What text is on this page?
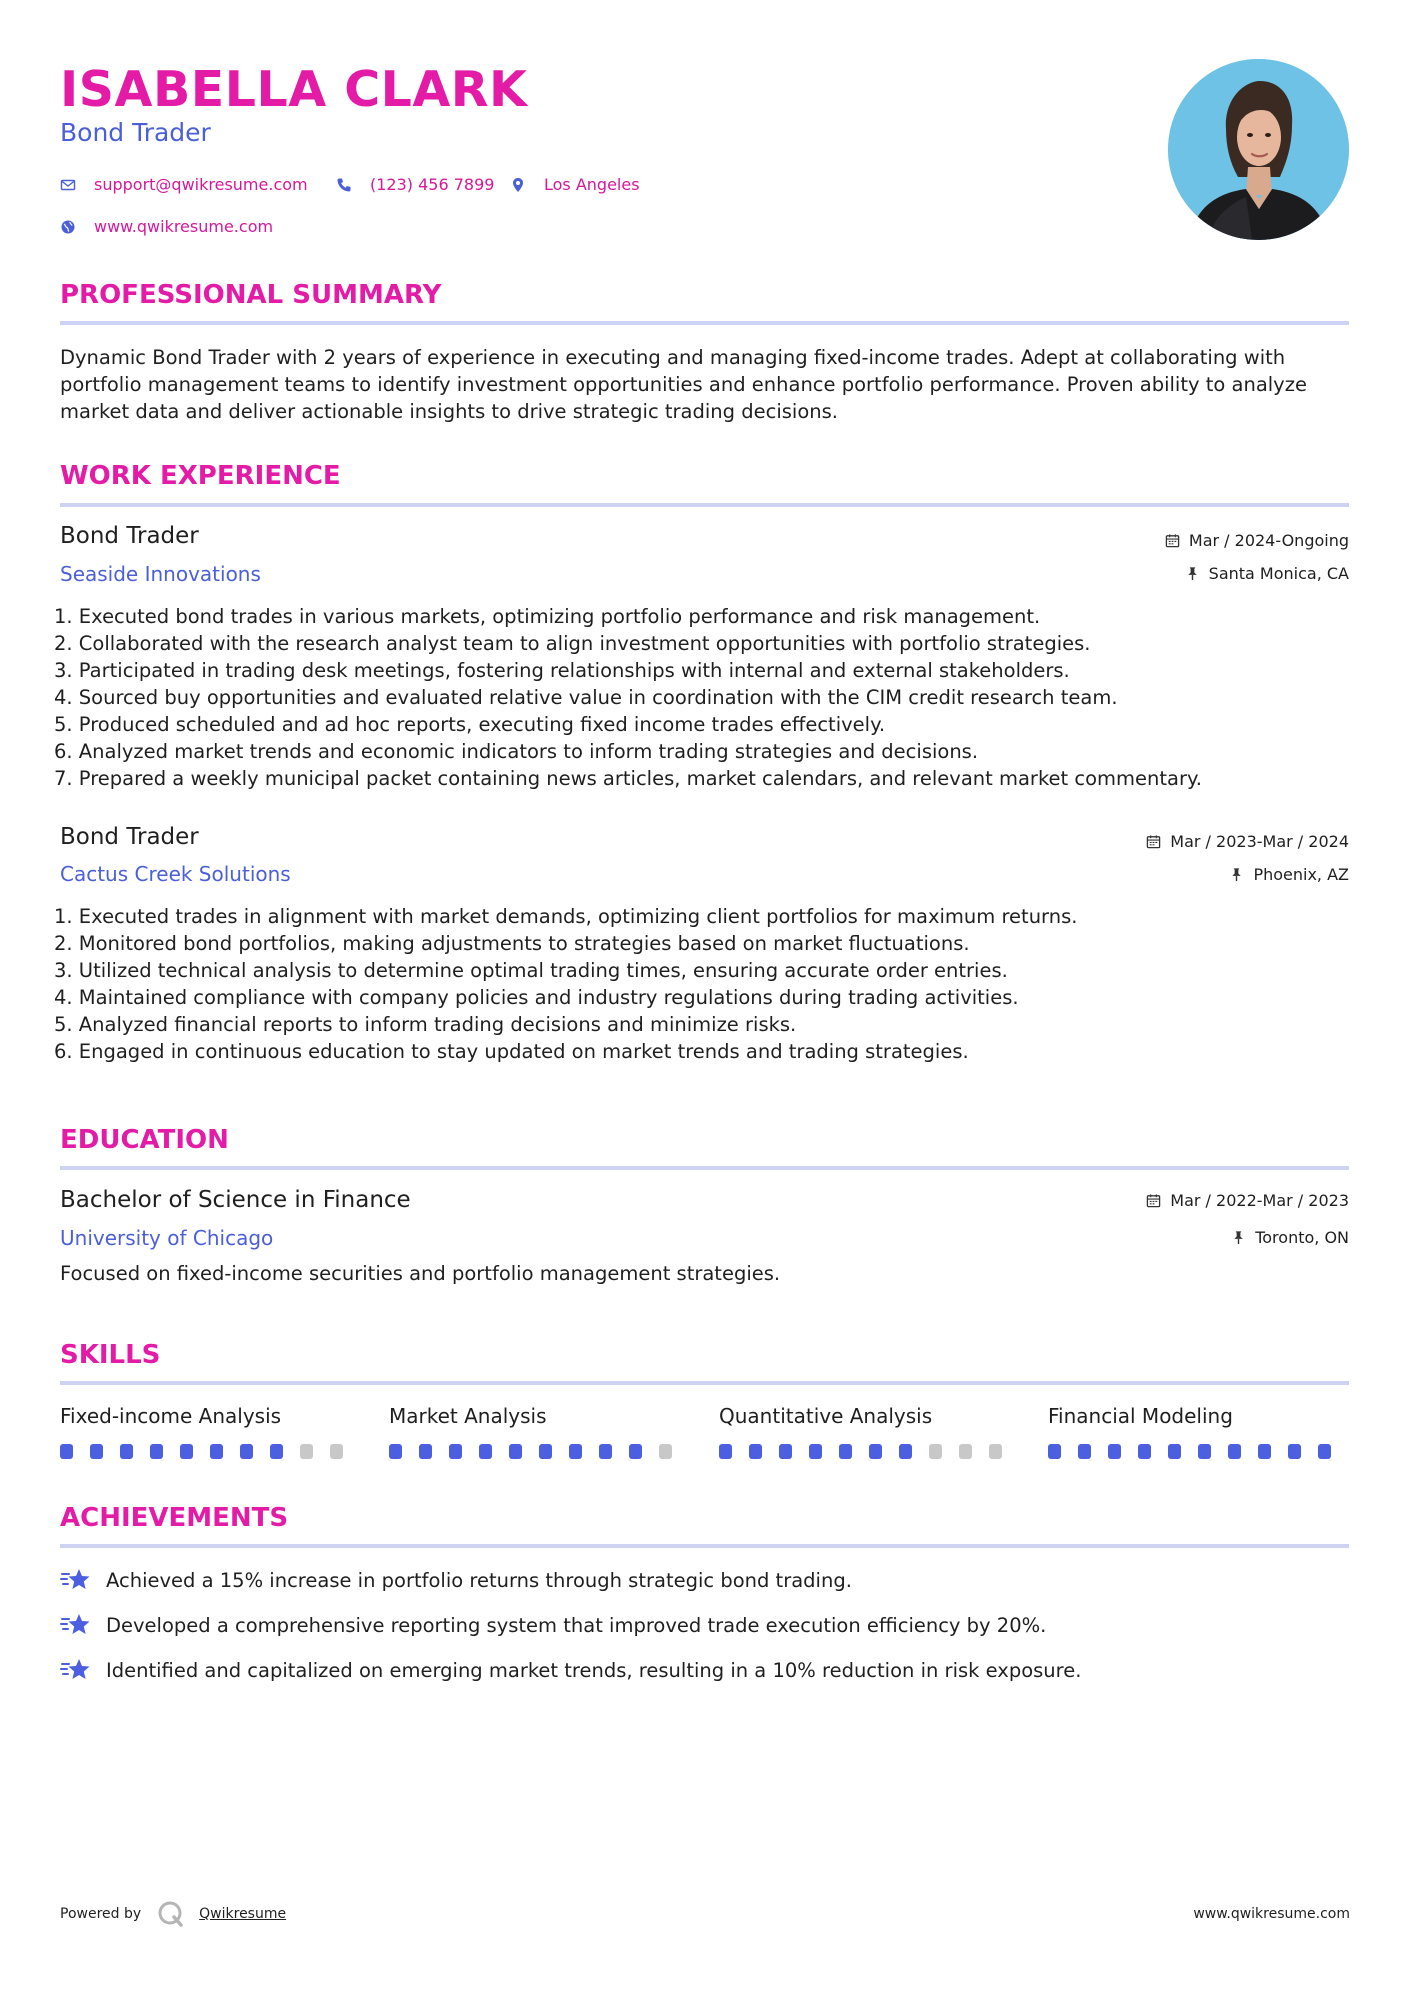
ISABELLA CLARK
Bond Trader
support@qwikresume.com	(123) 456 7899	Los Angeles
www.qwikresume.com
PROFESSIONAL SUMMARY

Dynamic Bond Trader with 2 years of experience in executing and managing fixed-income trades. Adept at collaborating with portfolio management teams to identify investment opportunities and enhance portfolio performance. Proven ability to analyze market data and deliver actionable insights to drive strategic trading decisions.

WORK EXPERIENCE
Bond Trader
Seaside Innovations
Mar / 2024-Ongoing
Santa Monica, CA
1. Executed bond trades in various markets, optimizing portfolio performance and risk management.
2. Collaborated with the research analyst team to align investment opportunities with portfolio strategies.
3. Participated in trading desk meetings, fostering relationships with internal and external stakeholders.
4. Sourced buy opportunities and evaluated relative value in coordination with the CIM credit research team.
5. Produced scheduled and ad hoc reports, executing fixed income trades effectively.
6. Analyzed market trends and economic indicators to inform trading strategies and decisions.
7. Prepared a weekly municipal packet containing news articles, market calendars, and relevant market commentary.
Bond Trader
Cactus Creek Solutions
Mar / 2023-Mar / 2024
Phoenix, AZ
1. Executed trades in alignment with market demands, optimizing client portfolios for maximum returns.
2. Monitored bond portfolios, making adjustments to strategies based on market fluctuations.
3. Utilized technical analysis to determine optimal trading times, ensuring accurate order entries.
4. Maintained compliance with company policies and industry regulations during trading activities.
5. Analyzed financial reports to inform trading decisions and minimize risks.
6. Engaged in continuous education to stay updated on market trends and trading strategies.
EDUCATION
Bachelor of Science in Finance
University of Chicago
Mar / 2022-Mar / 2023
Toronto, ON

Focused on fixed-income securities and portfolio management strategies.

SKILLS
Fixed-income Analysis	Market Analysis	Quantitative Analysis	Financial Modeling
ACHIEVEMENTS
Achieved a 15% increase in portfolio returns through strategic bond trading.
Developed a comprehensive reporting system that improved trade execution efficiency by 20%.
Identified and capitalized on emerging market trends, resulting in a 10% reduction in risk exposure.
Powered by	Qwikresume	www.qwikresume.com
